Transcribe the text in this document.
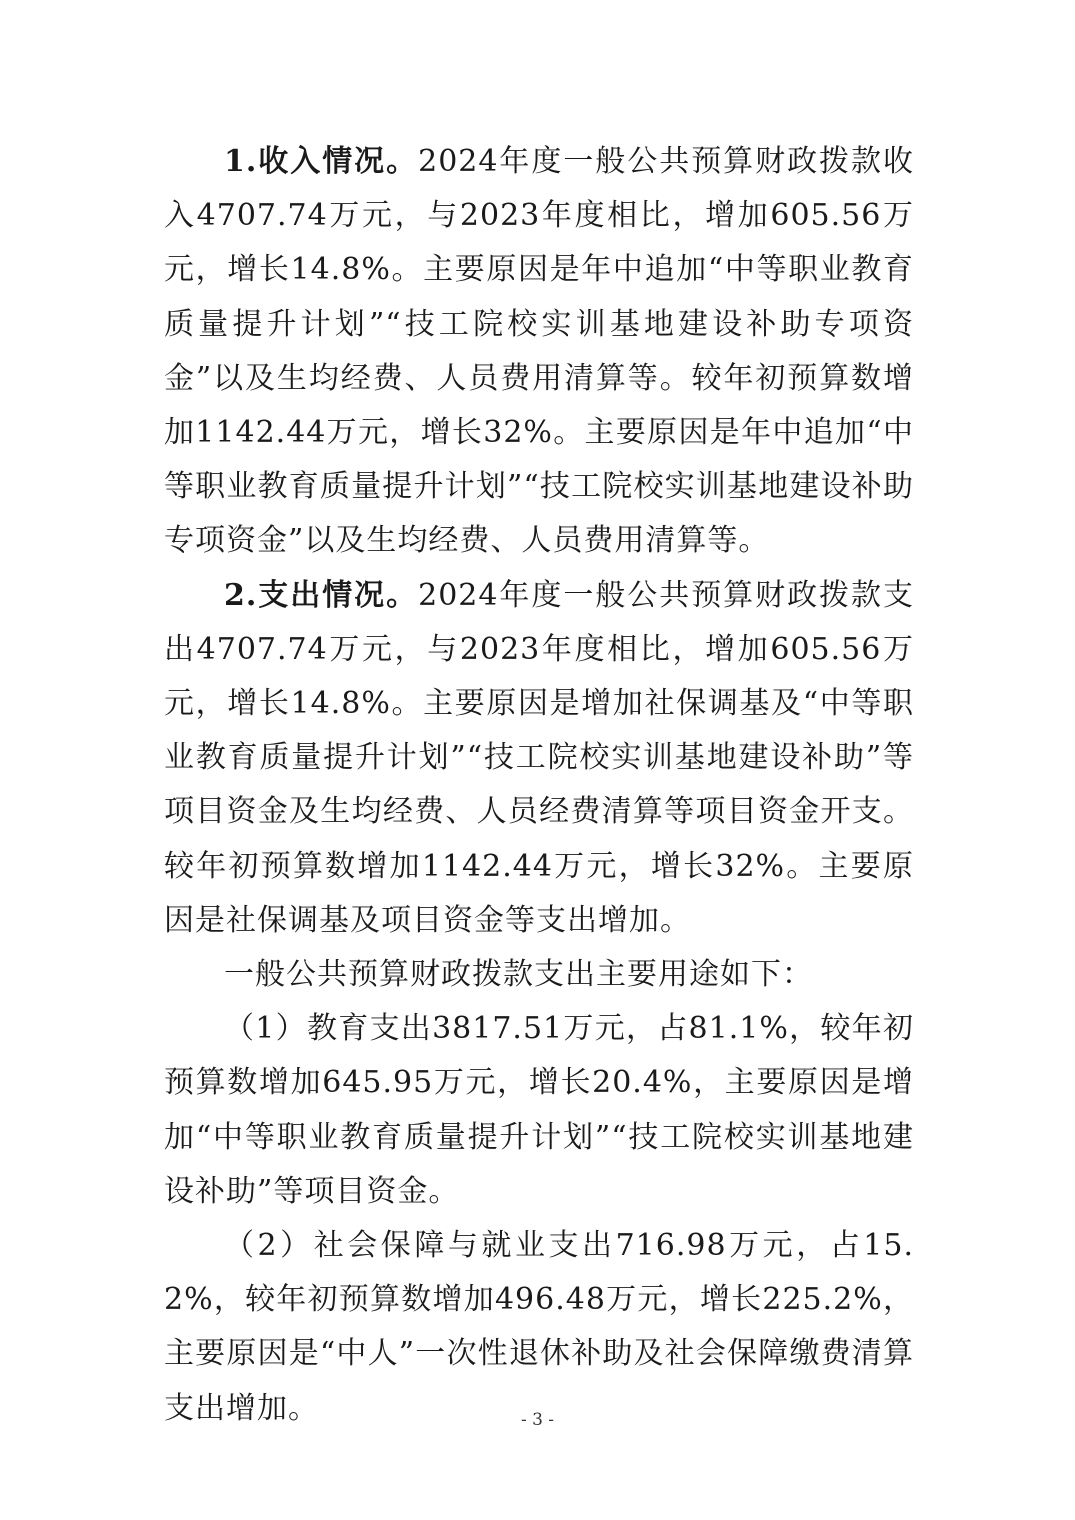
1.收入情况。2024年度一般公共预算财政拨款收入4707.74万元，与2023年度相比，增加605.56万元，增长14.8%。主要原因是年中追加“中等职业教育质量提升计划”“技工院校实训基地建设补助专项资金”以及生均经费、人员费用清算等。较年初预算数增加1142.44万元，增长32%。主要原因是年中追加“中等职业教育质量提升计划”“技工院校实训基地建设补助专项资金”以及生均经费、人员费用清算等。

2.支出情况。2024年度一般公共预算财政拨款支出4707.74万元，与2023年度相比，增加605.56万元，增长14.8%。主要原因是增加社保调基及“中等职业教育质量提升计划”“技工院校实训基地建设补助”等项目资金及生均经费、人员经费清算等项目资金开支。较年初预算数增加1142.44万元，增长32%。主要原因是社保调基及项目资金等支出增加。

一般公共预算财政拨款支出主要用途如下：

（1）教育支出3817.51万元，占81.1%，较年初预算数增加645.95万元，增长20.4%，主要原因是增加“中等职业教育质量提升计划”“技工院校实训基地建设补助”等项目资金。

（2）社会保障与就业支出716.98万元，占15.2%，较年初预算数增加496.48万元，增长225.2%，主要原因是“中人”一次性退休补助及社会保障缴费清算支出增加。	- 3 -
